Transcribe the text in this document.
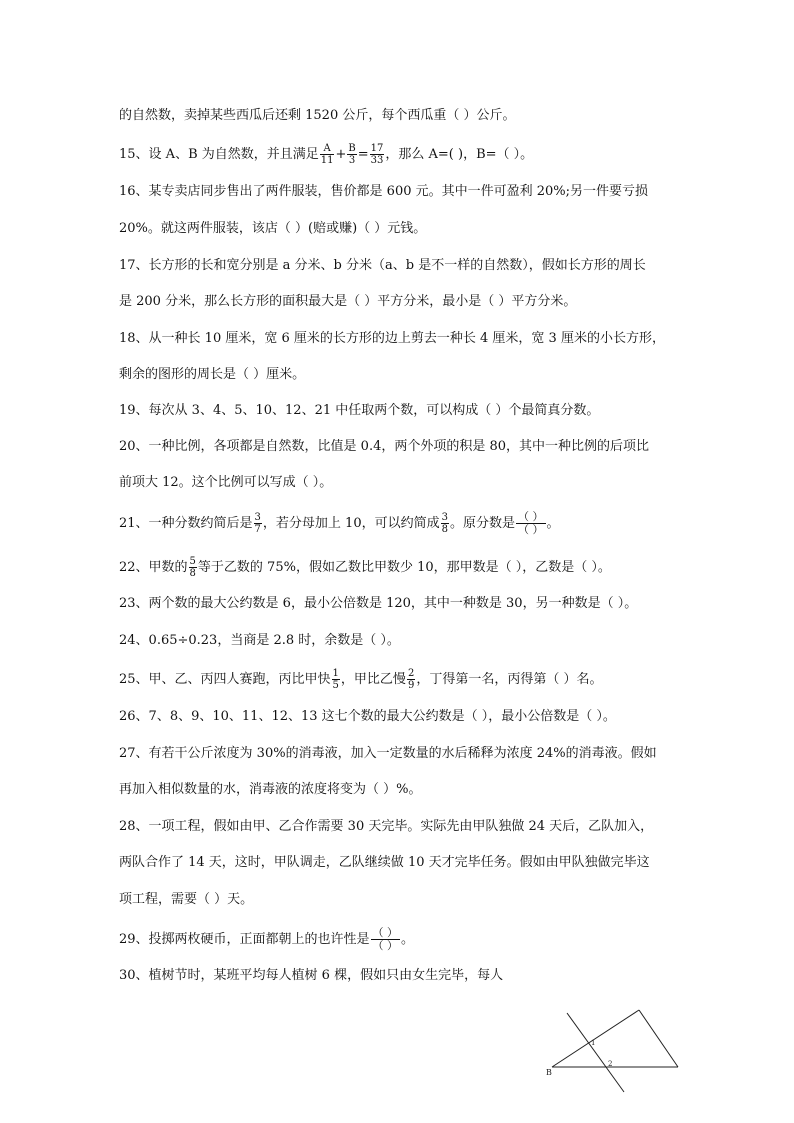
的自然数，卖掉某些西瓜后还剩 1520 公斤，每个西瓜重（ ）公斤。
15、设 A、B 为自然数，并且满足 $\frac{A}{11} + \frac{B}{3} = \frac{17}{33}$ ，那么 A=( )，B=（ ）。
16、某专卖店同步售出了两件服装，售价都是 600 元。其中一件可盈利 20%;另一件要亏损
20%。就这两件服装，该店（ ）(赔或赚)（ ）元钱。
17、长方形的长和宽分别是 a 分米、b 分米（a、b 是不一样的自然数），假如长方形的周长
是 200 分米，那么长方形的面积最大是（ ）平方分米，最小是（ ）平方分米。
18、从一种长 10 厘米，宽 6 厘米的长方形的边上剪去一种长 4 厘米，宽 3 厘米的小长方形，
剩余的图形的周长是（ ）厘米。
19、每次从 3、4、5、10、12、21 中任取两个数，可以构成（ ）个最简真分数。
20、一种比例，各项都是自然数，比值是 0.4，两个外项的积是 80，其中一种比例的后项比
前项大 12。这个比例可以写成（ ）。
21、一种分数约简后是 $\frac{3}{7}$ ，若分母加上 10，可以约简成 $\frac{3}{8}$ 。原分数是 $\frac{( )}{( )}$ 。
22、甲数的 $\frac{5}{8}$ 等于乙数的 75%，假如乙数比甲数少 10，那甲数是（ ），乙数是（ ）。
23、两个数的最大公约数是 6，最小公倍数是 120，其中一种数是 30，另一种数是（ ）。
24、0.65÷0.23，当商是 2.8 时，余数是（ ）。
25、甲、乙、丙四人赛跑，丙比甲快 $\frac{1}{5}$ ，甲比乙慢 $\frac{2}{9}$ ，丁得第一名，丙得第（ ）名。
26、7、8、9、10、11、12、13 这七个数的最大公约数是（ ），最小公倍数是（ ）。
27、有若干公斤浓度为 30%的消毒液，加入一定数量的水后稀释为浓度 24%的消毒液。假如
再加入相似数量的水，消毒液的浓度将变为（ ）%。
28、一项工程，假如由甲、乙合作需要 30 天完毕。实际先由甲队独做 24 天后，乙队加入，
两队合作了 14 天，这时，甲队调走，乙队继续做 10 天才完毕任务。假如由甲队独做完毕这
项工程，需要（ ）天。
29、投掷两枚硬币，正面都朝上的也许性是 $\frac{( )}{( )}$ 。
30、植树节时，某班平均每人植树 6 棵，假如只由女生完毕，每人
B
1
2
